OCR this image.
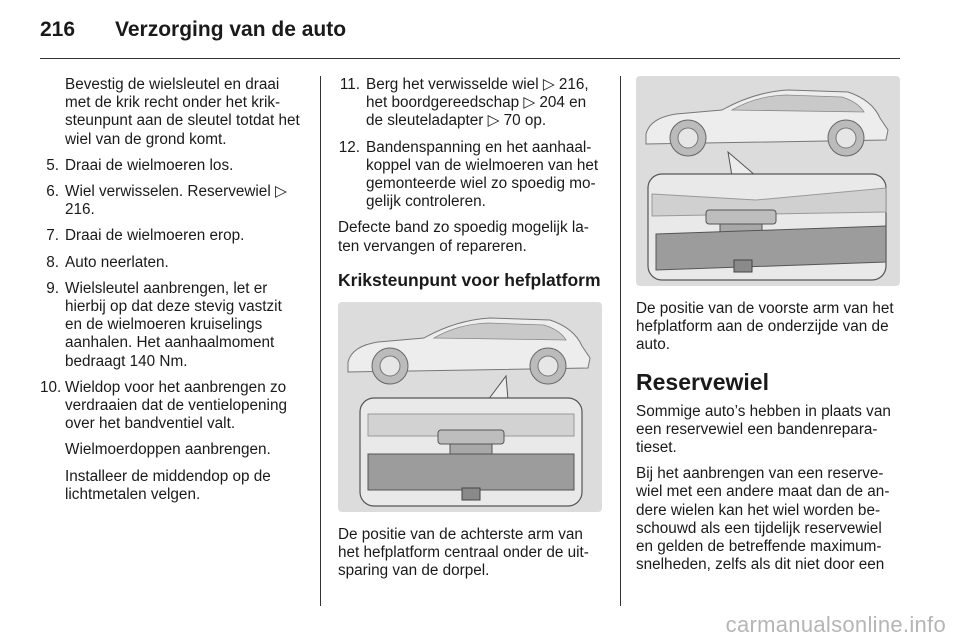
216 Verzorging van de auto

Bevestig de wielsleutel en draai met de krik recht onder het krik-steunpunt aan de sleutel totdat het wiel van de grond komt.

5. Draai de wielmoeren los.
6. Wiel verwisselen. Reservewiel ▷ 216.
7. Draai de wielmoeren erop.
8. Auto neerlaten.
9. Wielsleutel aanbrengen, let er hierbij op dat deze stevig vastzit en de wielmoeren kruiselings aanhalen. Het aanhaalmoment bedraagt 140 Nm.
10. Wieldop voor het aanbrengen zo verdraaien dat de ventielopening over het bandventiel valt.

Wielmoerdoppen aanbrengen.

Installeer de middendop op de lichtmetalen velgen.

11. Berg het verwisselde wiel ▷ 216, het boordgereedschap ▷ 204 en de sleuteladapter ▷ 70 op.
12. Bandenspanning en het aanhaal-koppel van de wielmoeren van het gemonteerde wiel zo spoedig mo-gelijk controleren.

Defecte band zo spoedig mogelijk la-ten vervangen of repareren.

Kriksteunpunt voor hefplatform

De positie van de achterste arm van het hefplatform centraal onder de uit-sparing van de dorpel.

De positie van de voorste arm van het hefplatform aan de onderzijde van de auto.

Reservewiel

Sommige auto’s hebben in plaats van een reservewiel een bandenrepara-tieset.

Bij het aanbrengen van een reserve-wiel met een andere maat dan de an-dere wielen kan het wiel worden be-schouwd als een tijdelijk reservewiel en gelden de betreffende maximum-snelheden, zelfs als dit niet door een

carmanualsonline.info
